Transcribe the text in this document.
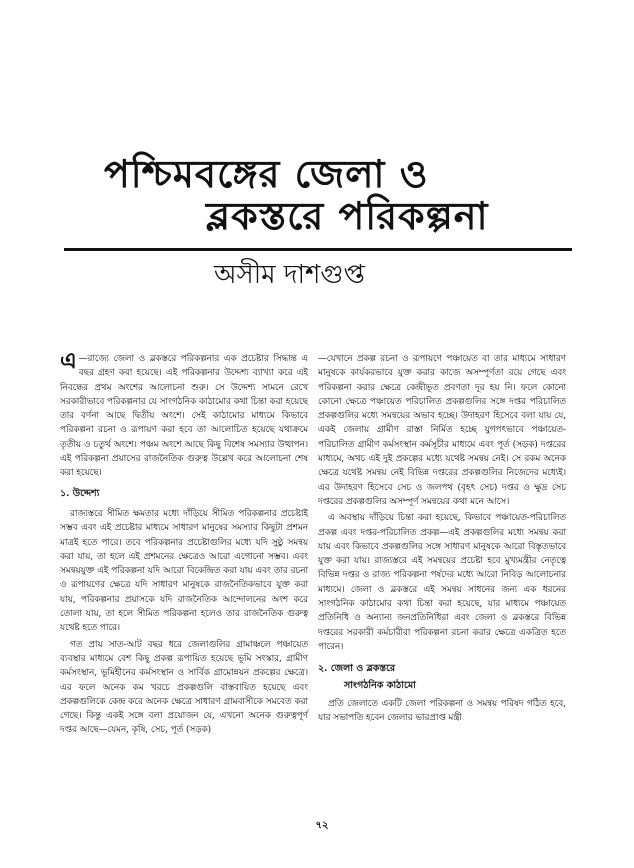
পশ্চিমবঙ্গের জেলা ও
ব্লকস্তরে পরিকল্পনা
অসীম দাশগুপ্ত

এ —রাজ্যে জেলা ও ব্লকস্তরে পরিকল্পনার এক প্রচেষ্টার সিদ্ধান্ত এ বছর গ্রহণ করা হয়েছে। এই পরিকল্পনার উদ্দেশ্য ব্যাখ্যা করে এই নিবন্ধের প্রথম অংশের আলোচনা শুরু। সে উদ্দেশ্য সামনে রেখে সরকারীভাবে পরিকল্পনার যে সাংগঠনিক কাঠামোর কথা চিন্তা করা হয়েছে তার বর্ণনা আছে দ্বিতীয় অংশে। সেই কাঠামোর মাধ্যমে কিভাবে পরিকল্পনা রচনা ও রূপায়ণ করা হবে তা আলোচিত হয়েছে যথাক্রমে তৃতীয় ও চতুর্থ অংশে। পঞ্চম অংশে আছে কিছু বিশেষ সমস্যার উত্থাপন। এই পরিকল্পনা প্রয়াসের রাজনৈতিক গুরুত্ব উল্লেখ করে আলোচনা শেষ করা হয়েছে।

১. উদ্দেশ্য

রাজ্যস্তরে সীমিত ক্ষমতার মধ্যে দাঁড়িয়ে সীমিত পরিকল্পনার প্রচেষ্টাই সম্ভব এবং এই প্রচেষ্টার মাধ্যমে সাধারণ মানুষের সমস্যার কিছুটা প্রশমন মাত্রই হতে পারে। তবে পরিকল্পনার প্রচেষ্টাগুলির মধ্যে যদি সুষ্ঠু সমন্বয় করা যায়, তা হলে এই প্রশমনের ক্ষেত্রেও আরো এগোনো সম্ভব। এবং সমন্বয়যুক্ত এই পরিকল্পনা যদি আরো বিকেন্দ্রিত করা যায় এবং তার রচনা ও রূপায়ণের ক্ষেত্রে যদি সাধারণ মানুষকে রাজনৈতিকভাবে যুক্ত করা যায়, পরিকল্পনার প্রয়াসকে যদি রাজনৈতিক আন্দোলনের অংশ করে তোলা যায়, তা হলে সীমিত পরিকল্পনা হলেও তার রাজনৈতিক গুরুত্ব যথেষ্ট হতে পারে।

গত প্রায় সাত-আট বছর ধরে জেলাগুলির গ্রামাঞ্চলে পঞ্চায়েত ব্যবস্থার মাধ্যমে বেশ কিছু প্রকল্প রূপায়িত হয়েছে ভূমি সংস্কার, গ্রামীণ কর্মসংস্থান, ভূমিহীনের কর্মসংস্থান ও সার্বিক গ্রামোন্নয়ন প্রকল্পের ক্ষেত্রে। এর ফলে অনেক কম খরচে প্রকল্পগুলি বাস্তবায়িত হয়েছে এবং প্রকল্পগুলিকে কেন্দ্র করে অনেক ক্ষেত্রে সাধারণ গ্রামবাসীকে সমবেত করা গেছে। কিন্তু একই সঙ্গে বলা প্রয়োজন যে, এখনো অনেক গুরুত্বপূর্ণ দপ্তর আছে—যেমন, কৃষি, সেচ, পূর্ত (সড়ক)

—যেখানে প্রকল্প রচনা ও রূপায়ণে পঞ্চায়েত বা তার মাধ্যমে সাধারণ মানুষকে কার্যকরভাবে যুক্ত করার কাজে অসম্পূর্ণতা রয়ে গেছে এবং পরিকল্পনা করার ক্ষেত্রে কেন্দ্রীভূত প্রবণতা দূর হয় নি। ফলে কোনো কোনো ক্ষেত্রে পঞ্চায়েত পরিচালিত প্রকল্পগুলির সঙ্গে দপ্তর পরিচালিত প্রকল্পগুলির মধ্যে সমন্বয়ের অভাব হচ্ছে। উদাহরণ হিসেবে বলা যায় যে, একই জেলায় গ্রামীণ রাস্তা নির্মিত হচ্ছে যুগপৎভাবে পঞ্চায়েত-পরিচালিত গ্রামীণ কর্মসংস্থান কর্মসূচীর মাধ্যমে এবং পূর্ত (সড়ক) দপ্তরের মাধ্যমে, অথচ এই দুই প্রকল্পের মধ্যে যথেষ্ট সমন্বয় নেই। সে রকম অনেক ক্ষেত্রে যথেষ্ট সমন্বয় নেই বিভিন্ন দপ্তরের প্রকল্পগুলির নিজেদের মধ্যেই। এর উদাহরণ হিসেবে সেচ ও জলপথ (বৃহৎ সেচ) দপ্তর ও ক্ষুদ্র সেচ দপ্তরের প্রকল্পগুলির অসম্পূর্ণ সমন্বয়ের কথা মনে আসে।

এ অবস্থায় দাঁড়িয়ে চিন্তা করা হয়েছে, কিভাবে পঞ্চায়েত-পরিচালিত প্রকল্প এবং দপ্তর-পরিচালিত প্রকল্প—এই প্রকল্পগুলির মধ্যে সমন্বয় করা যায় এবং কিভাবে প্রকল্পগুলির সঙ্গে সাধারণ মানুষকে আরো বিস্তৃতভাবে যুক্ত করা যায়। রাজ্যস্তরে এই সমন্বয়ের প্রচেষ্টা হবে মুখ্যমন্ত্রীর নেতৃত্বে বিভিন্ন দপ্তর ও রাজ্য পরিকল্পনা পর্ষদের মধ্যে আরো নিবিড় আলোচনার মাধ্যমে। জেলা ও ব্লকস্তরে এই সমন্বয় সাধনের জন্য এক ধরনের সাংগঠনিক কাঠামোর কথা চিন্তা করা হয়েছে, যার মাধ্যমে পঞ্চায়েত প্রতিনিধি ও অন্যান্য জনপ্রতিনিধিরা এবং জেলা ও ব্লকস্তরে বিভিন্ন দপ্তরের সরকারী কর্মচারীরা পরিকল্পনা রচনা করার ক্ষেত্রে একত্রিত হতে পারেন।

২. জেলা ও ব্লকস্তরে
সাংগঠনিক কাঠামো

প্রতি জেলাতে একটি জেলা পরিকল্পনা ও সমন্বয় পরিষদ গঠিত হবে, যার সভাপতি হবেন জেলার ভারপ্রাপ্ত মন্ত্রী

৭২
